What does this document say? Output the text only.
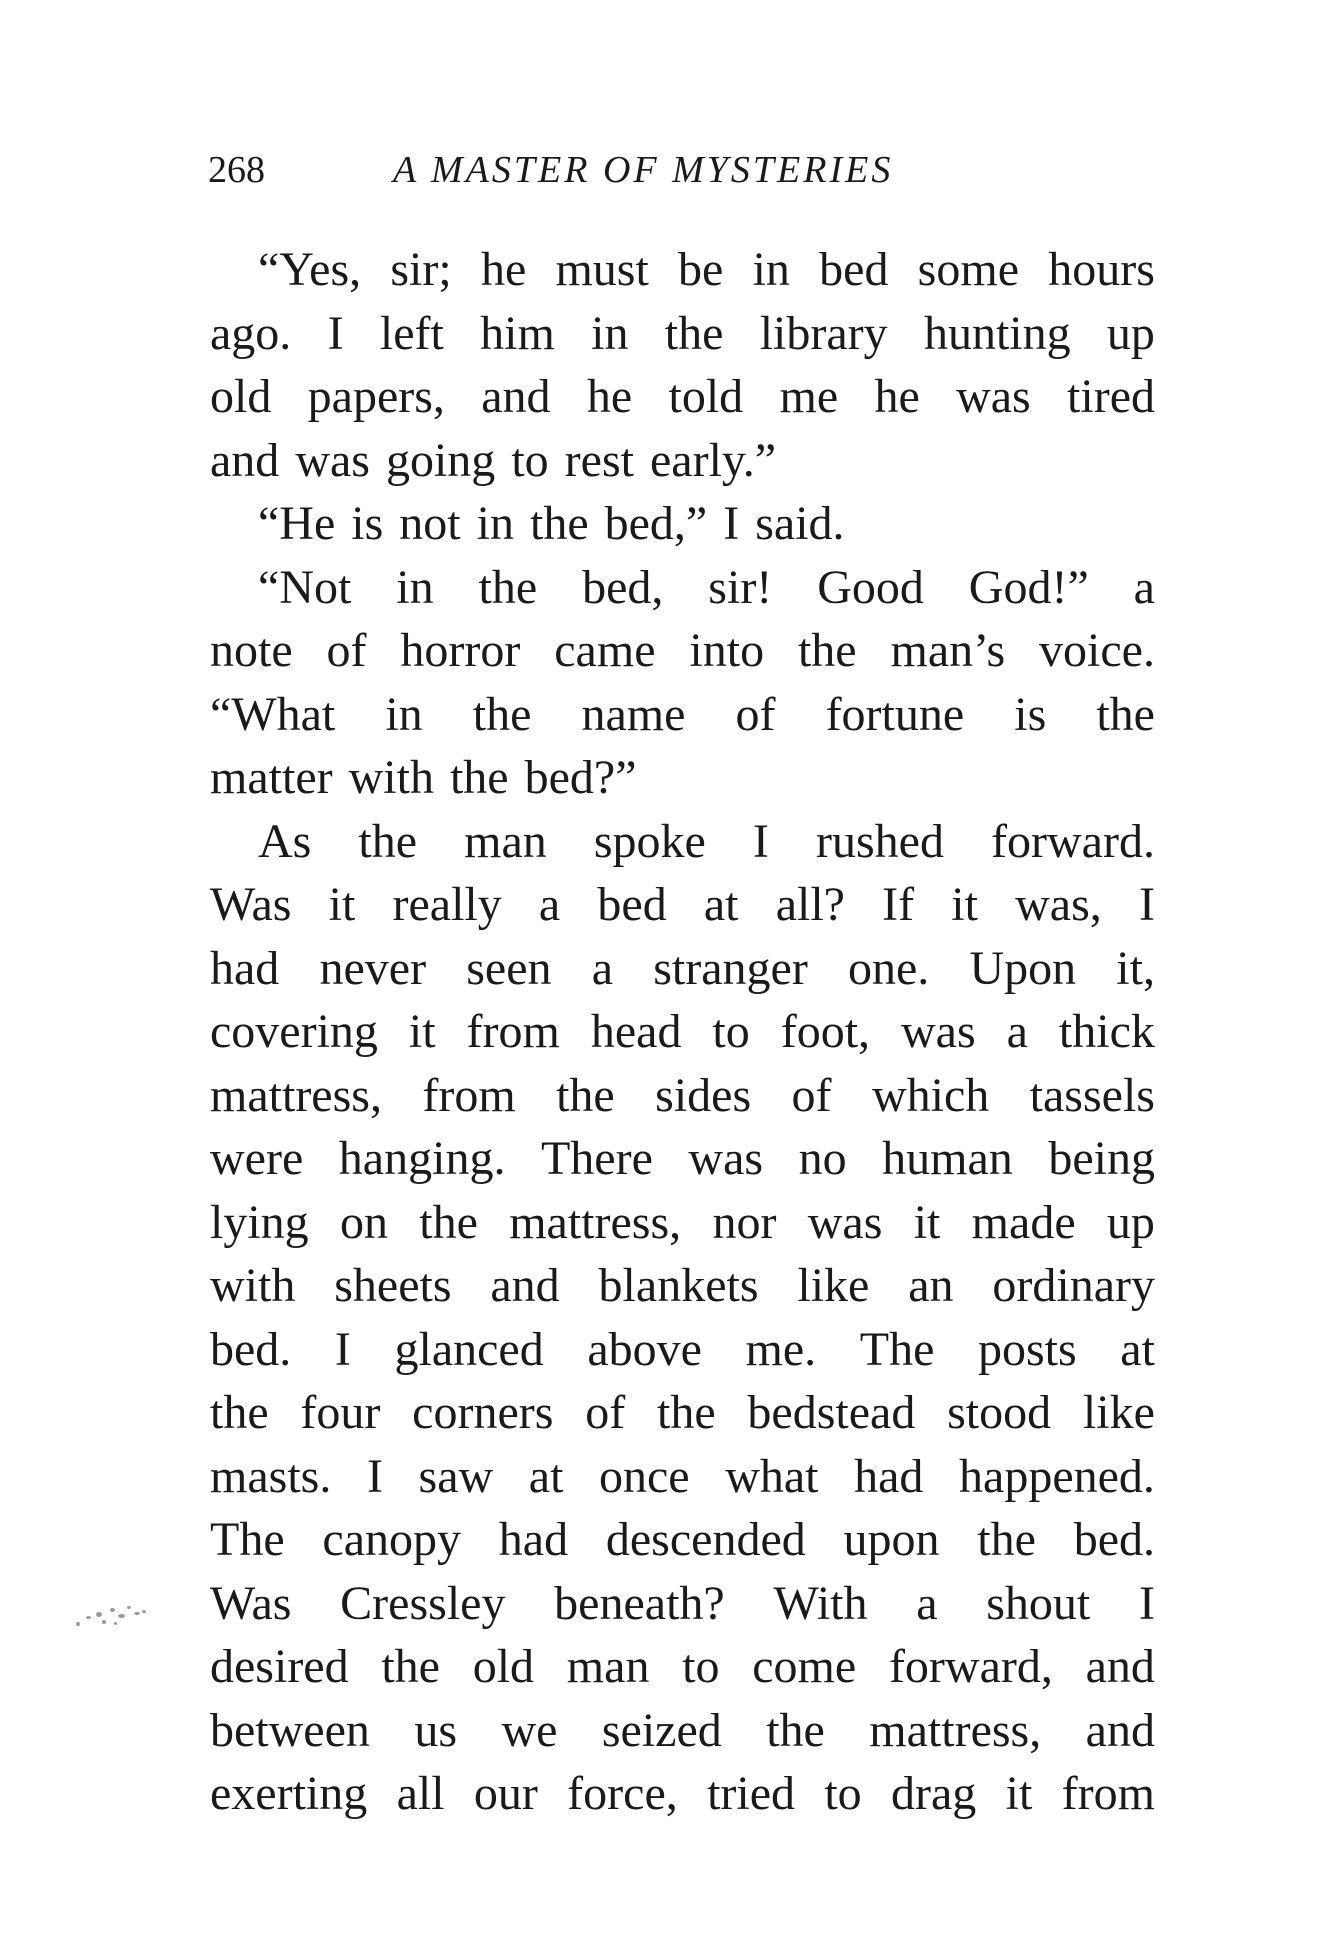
268	A MASTER OF MYSTERIES
“Yes, sir; he must be in bed some hours
ago. I left him in the library hunting up
old papers, and he told me he was tired
and was going to rest early.”
“He is not in the bed,” I said.
“Not in the bed, sir! Good God!” a
note of horror came into the man’s voice.
“What in the name of fortune is the
matter with the bed?”
As the man spoke I rushed forward.
Was it really a bed at all? If it was, I
had never seen a stranger one. Upon it,
covering it from head to foot, was a thick
mattress, from the sides of which tassels
were hanging. There was no human being
lying on the mattress, nor was it made up
with sheets and blankets like an ordinary
bed. I glanced above me. The posts at
the four corners of the bedstead stood like
masts. I saw at once what had happened.
The canopy had descended upon the bed.
Was Cressley beneath? With a shout I
desired the old man to come forward, and
between us we seized the mattress, and
exerting all our force, tried to drag it from
